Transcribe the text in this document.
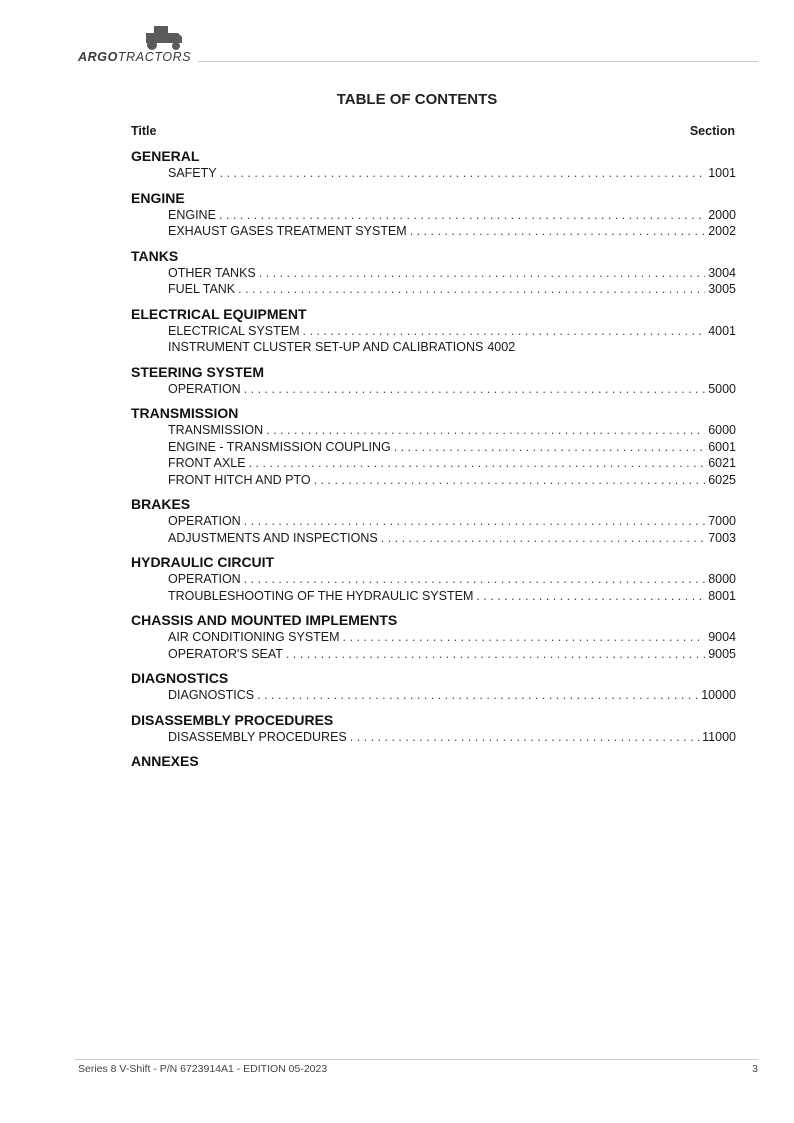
ARGOTRACTORS
TABLE OF CONTENTS
Title	Section
GENERAL
SAFETY . . .	1001
ENGINE
ENGINE . . .	2000
EXHAUST GASES TREATMENT SYSTEM . . .	2002
TANKS
OTHER TANKS . . .	3004
FUEL TANK . . .	3005
ELECTRICAL EQUIPMENT
ELECTRICAL SYSTEM . . .	4001
INSTRUMENT CLUSTER SET-UP AND CALIBRATIONS 4002
STEERING SYSTEM
OPERATION . . .	5000
TRANSMISSION
TRANSMISSION . . .	6000
ENGINE - TRANSMISSION COUPLING . . .	6001
FRONT AXLE . . .	6021
FRONT HITCH AND PTO . . .	6025
BRAKES
OPERATION . . .	7000
ADJUSTMENTS AND INSPECTIONS . . .	7003
HYDRAULIC CIRCUIT
OPERATION . . .	8000
TROUBLESHOOTING OF THE HYDRAULIC SYSTEM . . .	8001
CHASSIS AND MOUNTED IMPLEMENTS
AIR CONDITIONING SYSTEM . . .	9004
OPERATOR'S SEAT . . .	9005
DIAGNOSTICS
DIAGNOSTICS . . .	10000
DISASSEMBLY PROCEDURES
DISASSEMBLY PROCEDURES . . .	11000
ANNEXES
Series 8 V-Shift - P/N 6723914A1 - EDITION 05-2023	3
